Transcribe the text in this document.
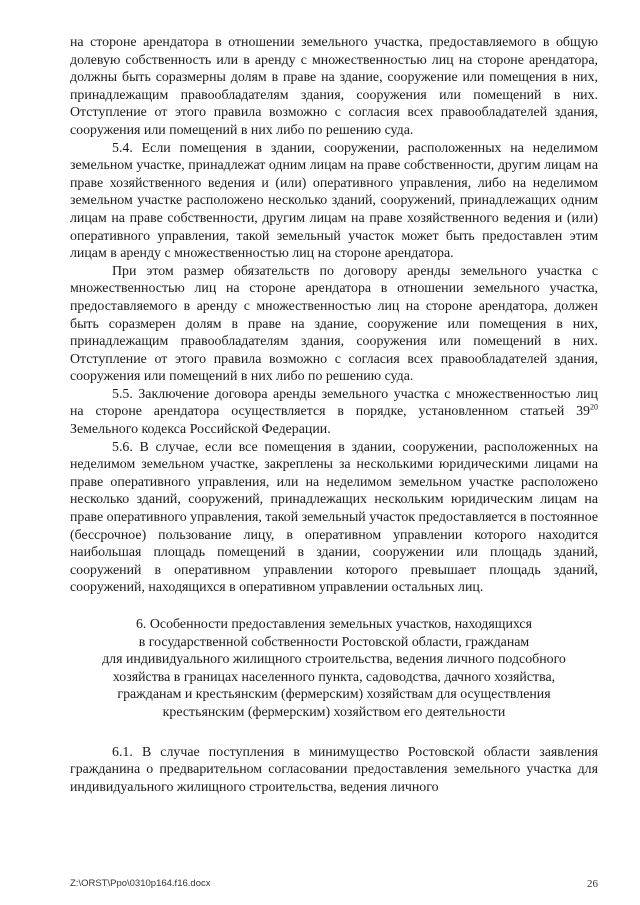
на стороне арендатора в отношении земельного участка, предоставляемого в общую долевую собственность или в аренду с множественностью лиц на стороне арендатора, должны быть соразмерны долям в праве на здание, сооружение или помещения в них, принадлежащим правообладателям здания, сооружения или помещений в них. Отступление от этого правила возможно с согласия всех правообладателей здания, сооружения или помещений в них либо по решению суда.

5.4. Если помещения в здании, сооружении, расположенных на неделимом земельном участке, принадлежат одним лицам на праве собственности, другим лицам на праве хозяйственного ведения и (или) оперативного управления, либо на неделимом земельном участке расположено несколько зданий, сооружений, принадлежащих одним лицам на праве собственности, другим лицам на праве хозяйственного ведения и (или) оперативного управления, такой земельный участок может быть предоставлен этим лицам в аренду с множественностью лиц на стороне арендатора.

При этом размер обязательств по договору аренды земельного участка с множественностью лиц на стороне арендатора в отношении земельного участка, предоставляемого в аренду с множественностью лиц на стороне арендатора, должен быть соразмерен долям в праве на здание, сооружение или помещения в них, принадлежащим правообладателям здания, сооружения или помещений в них. Отступление от этого правила возможно с согласия всех правообладателей здания, сооружения или помещений в них либо по решению суда.

5.5. Заключение договора аренды земельного участка с множественностью лиц на стороне арендатора осуществляется в порядке, установленном статьей $39^{20}$ Земельного кодекса Российской Федерации.

5.6. В случае, если все помещения в здании, сооружении, расположенных на неделимом земельном участке, закреплены за несколькими юридическими лицами на праве оперативного управления, или на неделимом земельном участке расположено несколько зданий, сооружений, принадлежащих нескольким юридическим лицам на праве оперативного управления, такой земельный участок предоставляется в постоянное (бессрочное) пользование лицу, в оперативном управлении которого находится наибольшая площадь помещений в здании, сооружении или площадь зданий, сооружений в оперативном управлении которого превышает площадь зданий, сооружений, находящихся в оперативном управлении остальных лиц.

6. Особенности предоставления земельных участков, находящихся
в государственной собственности Ростовской области, гражданам
для индивидуального жилищного строительства, ведения личного подсобного
хозяйства в границах населенного пункта, садоводства, дачного хозяйства,
гражданам и крестьянским (фермерским) хозяйствам для осуществления
крестьянским (фермерским) хозяйством его деятельности

6.1. В случае поступления в минимущество Ростовской области заявления гражданина о предварительном согласовании предоставления земельного участка для индивидуального жилищного строительства, ведения личного

Z:\ORST\Ppo\0310p164.f16.docx	26
